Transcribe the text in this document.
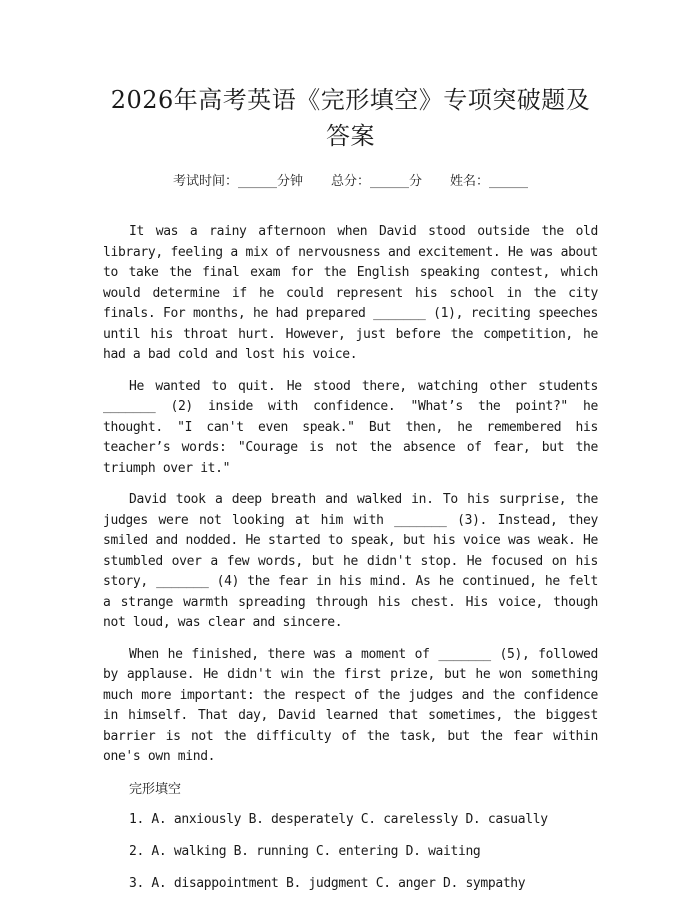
2026年高考英语《完形填空》专项突破题及答案
考试时间：______分钟 总分：______分 姓名：______

It was a rainy afternoon when David stood outside the old library, feeling a mix of nervousness and excitement. He was about to take the final exam for the English speaking contest, which would determine if he could represent his school in the city finals. For months, he had prepared _______ (1), reciting speeches until his throat hurt. However, just before the competition, he had a bad cold and lost his voice.

He wanted to quit. He stood there, watching other students _______ (2) inside with confidence. "What’s the point?" he thought. "I can't even speak." But then, he remembered his teacher’s words: "Courage is not the absence of fear, but the triumph over it."

David took a deep breath and walked in. To his surprise, the judges were not looking at him with _______ (3). Instead, they smiled and nodded. He started to speak, but his voice was weak. He stumbled over a few words, but he didn't stop. He focused on his story, _______ (4) the fear in his mind. As he continued, he felt a strange warmth spreading through his chest. His voice, though not loud, was clear and sincere.

When he finished, there was a moment of _______ (5), followed by applause. He didn't win the first prize, but he won something much more important: the respect of the judges and the confidence in himself. That day, David learned that sometimes, the biggest barrier is not the difficulty of the task, but the fear within one's own mind.

完形填空
1. A. anxiously B. desperately C. carelessly D. casually
2. A. walking B. running C. entering D. waiting
3. A. disappointment B. judgment C. anger D. sympathy
